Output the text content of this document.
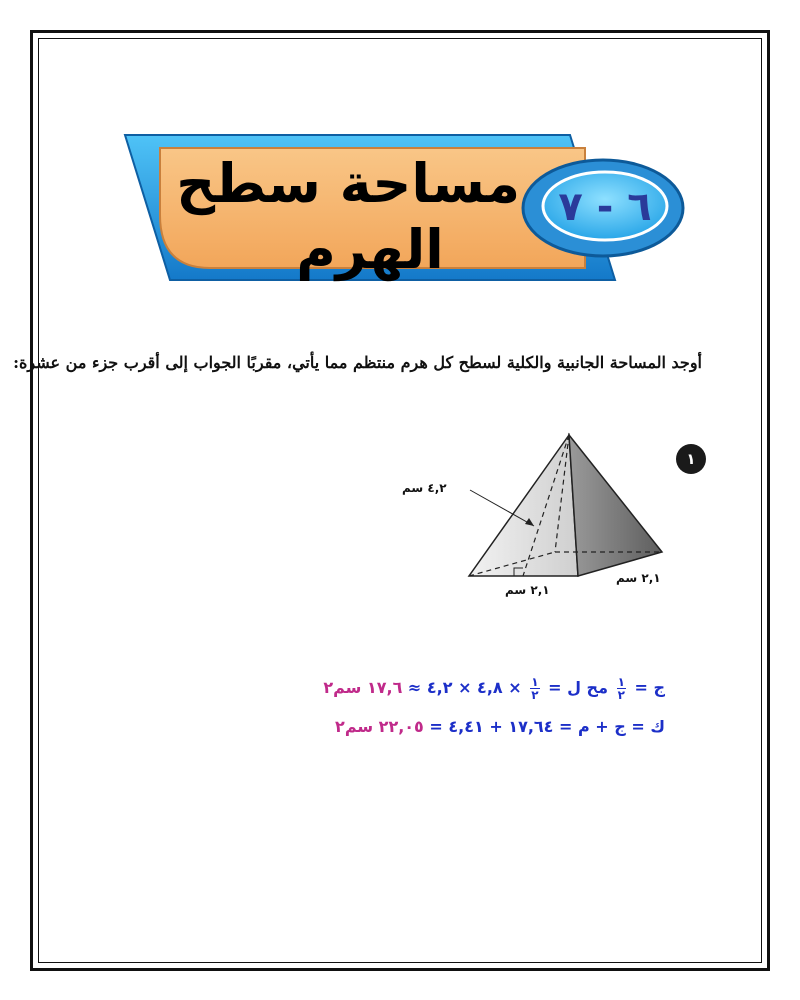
مساحة سطح
الهرم
٦ - ٧
أوجد المساحة الجانبية والكلية لسطح كل هرم منتظم مما يأتي، مقربًا الجواب إلى أقرب جزء من عشرة:
١
٤,٢ سم
٢,١ سم
٢,١ سم
ج =
$\frac{١}{٢}$
مح ل =
$\frac{١}{٢}$
× ٤,٨ × ٤,٢ ≈ ١٧,٦ سم٢
ك = ج + م = ١٧,٦٤ + ٤,٤١ = ٢٢,٠٥ سم٢
